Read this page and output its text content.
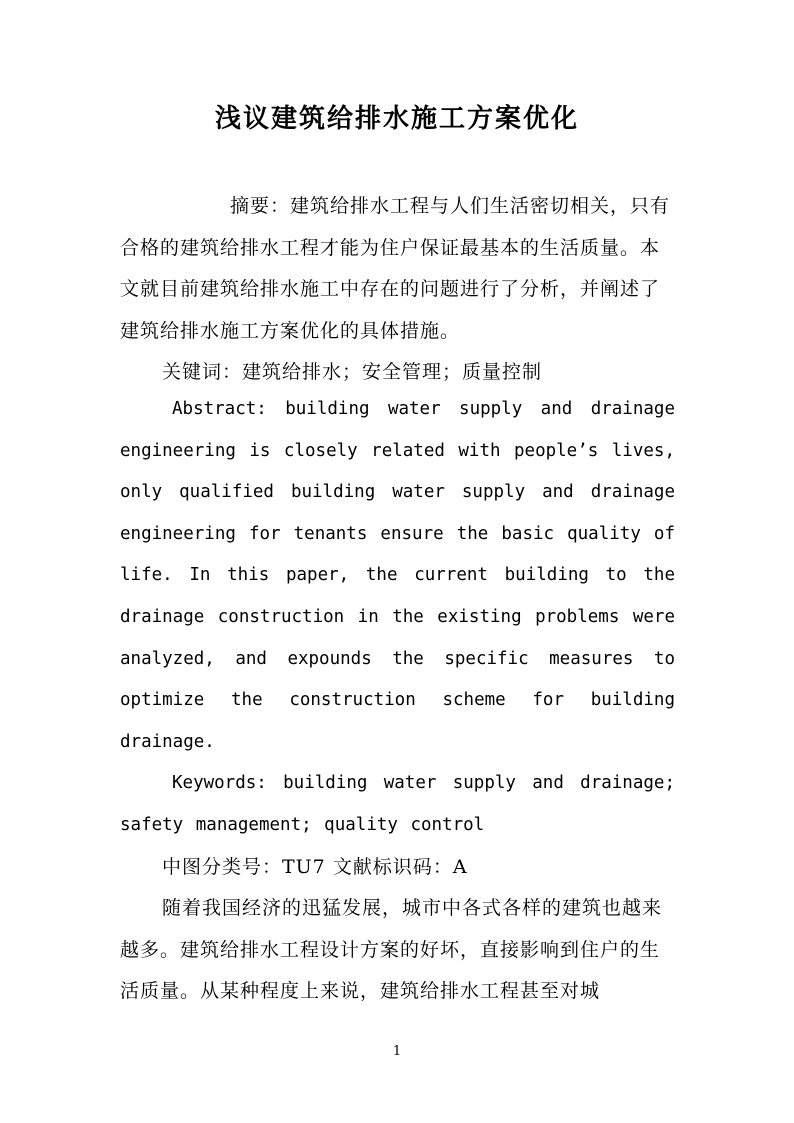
浅议建筑给排水施工方案优化

摘要：建筑给排水工程与人们生活密切相关，只有合格的建筑给排水工程才能为住户保证最基本的生活质量。本文就目前建筑给排水施工中存在的问题进行了分析，并阐述了建筑给排水施工方案优化的具体措施。

关键词：建筑给排水；安全管理；质量控制

Abstract: building water supply and drainage engineering is closely related with people’s lives, only qualified building water supply and drainage engineering for tenants ensure the basic quality of life. In this paper, the current building to the drainage construction in the existing problems were analyzed, and expounds the specific measures to optimize the construction scheme for building drainage.

Keywords: building water supply and drainage; safety management; quality control

中图分类号：TU7 文献标识码：A

随着我国经济的迅猛发展，城市中各式各样的建筑也越来越多。建筑给排水工程设计方案的好坏，直接影响到住户的生活质量。从某种程度上来说，建筑给排水工程甚至对城

1
